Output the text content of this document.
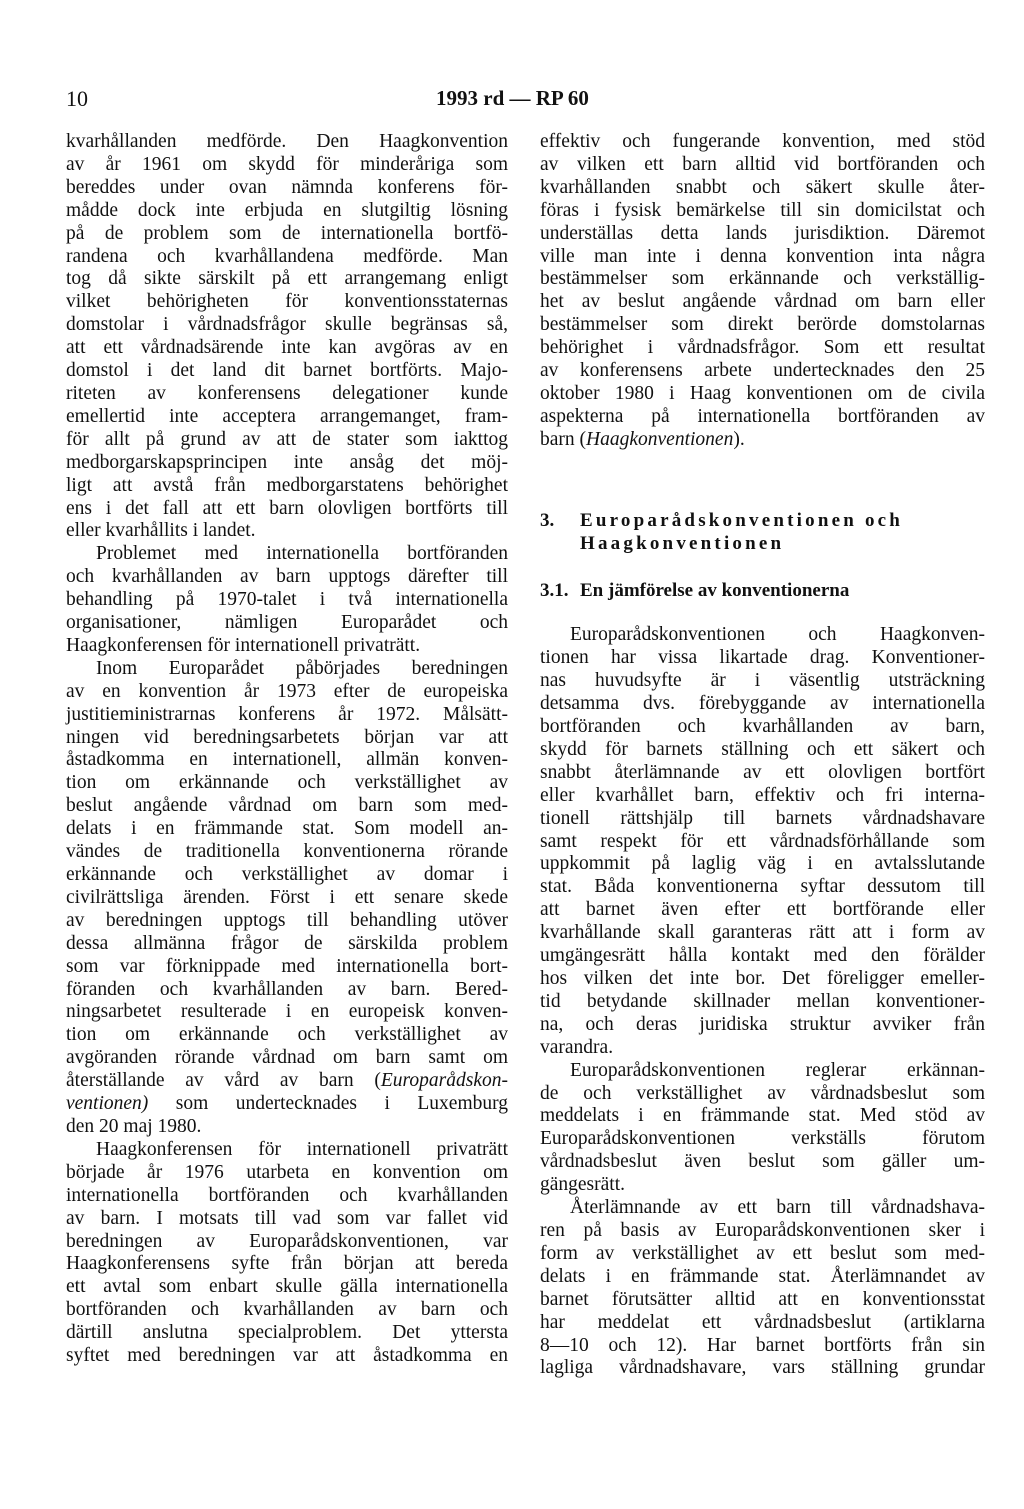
10	1993 rd — RP 60
kvarhållanden medförde. Den Haagkonvention
av år 1961 om skydd för minderåriga som
bereddes under ovan nämnda konferens för-
mådde dock inte erbjuda en slutgiltig lösning
på de problem som de internationella bortfö-
randena och kvarhållandena medförde. Man
tog då sikte särskilt på ett arrangemang enligt
vilket behörigheten för konventionsstaternas
domstolar i vårdnadsfrågor skulle begränsas så,
att ett vårdnadsärende inte kan avgöras av en
domstol i det land dit barnet bortförts. Majo-
riteten av konferensens delegationer kunde
emellertid inte acceptera arrangemanget, fram-
för allt på grund av att de stater som iakttog
medborgarskapsprincipen inte ansåg det möj-
ligt att avstå från medborgarstatens behörighet
ens i det fall att ett barn olovligen bortförts till
eller kvarhållits i landet.
Problemet med internationella bortföranden
och kvarhållanden av barn upptogs därefter till
behandling på 1970-talet i två internationella
organisationer, nämligen Europarådet och
Haagkonferensen för internationell privaträtt.
Inom Europarådet påbörjades beredningen
av en konvention år 1973 efter de europeiska
justitieministrarnas konferens år 1972. Målsätt-
ningen vid beredningsarbetets början var att
åstadkomma en internationell, allmän konven-
tion om erkännande och verkställighet av
beslut angående vårdnad om barn som med-
delats i en främmande stat. Som modell an-
vändes de traditionella konventionerna rörande
erkännande och verkställighet av domar i
civilrättsliga ärenden. Först i ett senare skede
av beredningen upptogs till behandling utöver
dessa allmänna frågor de särskilda problem
som var förknippade med internationella bort-
föranden och kvarhållanden av barn. Bered-
ningsarbetet resulterade i en europeisk konven-
tion om erkännande och verkställighet av
avgöranden rörande vårdnad om barn samt om
återställande av vård av barn (Europarådskon-
ventionen) som undertecknades i Luxemburg
den 20 maj 1980.
Haagkonferensen för internationell privaträtt
började år 1976 utarbeta en konvention om
internationella bortföranden och kvarhållanden
av barn. I motsats till vad som var fallet vid
beredningen av Europarådskonventionen, var
Haagkonferensens syfte från början att bereda
ett avtal som enbart skulle gälla internationella
bortföranden och kvarhållanden av barn och
därtill anslutna specialproblem. Det yttersta
syftet med beredningen var att åstadkomma en
effektiv och fungerande konvention, med stöd
av vilken ett barn alltid vid bortföranden och
kvarhållanden snabbt och säkert skulle åter-
föras i fysisk bemärkelse till sin domicilstat och
underställas detta lands jurisdiktion. Däremot
ville man inte i denna konvention inta några
bestämmelser som erkännande och verkställig-
het av beslut angående vårdnad om barn eller
bestämmelser som direkt berörde domstolarnas
behörighet i vårdnadsfrågor. Som ett resultat
av konferensens arbete undertecknades den 25
oktober 1980 i Haag konventionen om de civila
aspekterna på internationella bortföranden av
barn (Haagkonventionen).
3. Europarådskonventionen och
Haagkonventionen
3.1. En jämförelse av konventionerna
Europarådskonventionen och Haagkonven-
tionen har vissa likartade drag. Konventioner-
nas huvudsyfte är i väsentlig utsträckning
detsamma dvs. förebyggande av internationella
bortföranden och kvarhållanden av barn,
skydd för barnets ställning och ett säkert och
snabbt återlämnande av ett olovligen bortfört
eller kvarhållet barn, effektiv och fri interna-
tionell rättshjälp till barnets vårdnadshavare
samt respekt för ett vårdnadsförhållande som
uppkommit på laglig väg i en avtalsslutande
stat. Båda konventionerna syftar dessutom till
att barnet även efter ett bortförande eller
kvarhållande skall garanteras rätt att i form av
umgängesrätt hålla kontakt med den förälder
hos vilken det inte bor. Det föreligger emeller-
tid betydande skillnader mellan konventioner-
na, och deras juridiska struktur avviker från
varandra.
Europarådskonventionen reglerar erkännan-
de och verkställighet av vårdnadsbeslut som
meddelats i en främmande stat. Med stöd av
Europarådskonventionen verkställs förutom
vårdnadsbeslut även beslut som gäller um-
gängesrätt.
Återlämnande av ett barn till vårdnadshava-
ren på basis av Europarådskonventionen sker i
form av verkställighet av ett beslut som med-
delats i en främmande stat. Återlämnandet av
barnet förutsätter alltid att en konventionsstat
har meddelat ett vårdnadsbeslut (artiklarna
8—10 och 12). Har barnet bortförts från sin
lagliga vårdnadshavare, vars ställning grundar
